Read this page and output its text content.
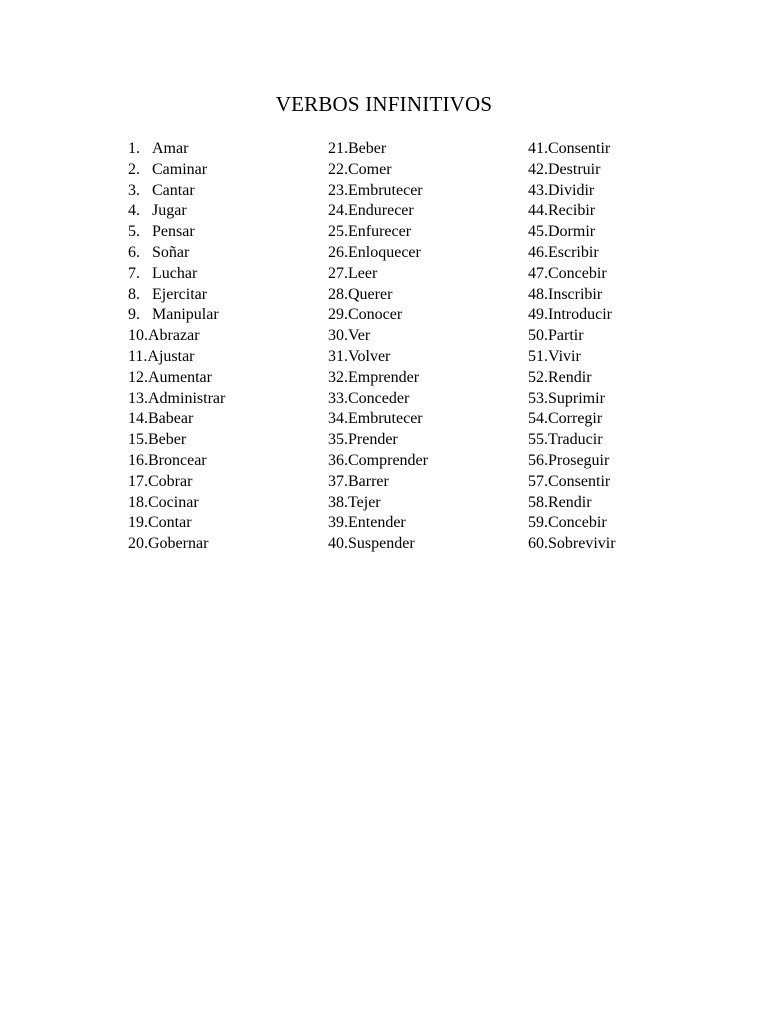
VERBOS INFINITIVOS
1. Amar
2. Caminar
3. Cantar
4. Jugar
5. Pensar
6. Soñar
7. Luchar
8. Ejercitar
9. Manipular
10.Abrazar
11.Ajustar
12.Aumentar
13.Administrar
14.Babear
15.Beber
16.Broncear
17.Cobrar
18.Cocinar
19.Contar
20.Gobernar
21.Beber
22.Comer
23.Embrutecer
24.Endurecer
25.Enfurecer
26.Enloquecer
27.Leer
28.Querer
29.Conocer
30.Ver
31.Volver
32.Emprender
33.Conceder
34.Embrutecer
35.Prender
36.Comprender
37.Barrer
38.Tejer
39.Entender
40.Suspender
41.Consentir
42.Destruir
43.Dividir
44.Recibir
45.Dormir
46.Escribir
47.Concebir
48.Inscribir
49.Introducir
50.Partir
51.Vivir
52.Rendir
53.Suprimir
54.Corregir
55.Traducir
56.Proseguir
57.Consentir
58.Rendir
59.Concebir
60.Sobrevivir
